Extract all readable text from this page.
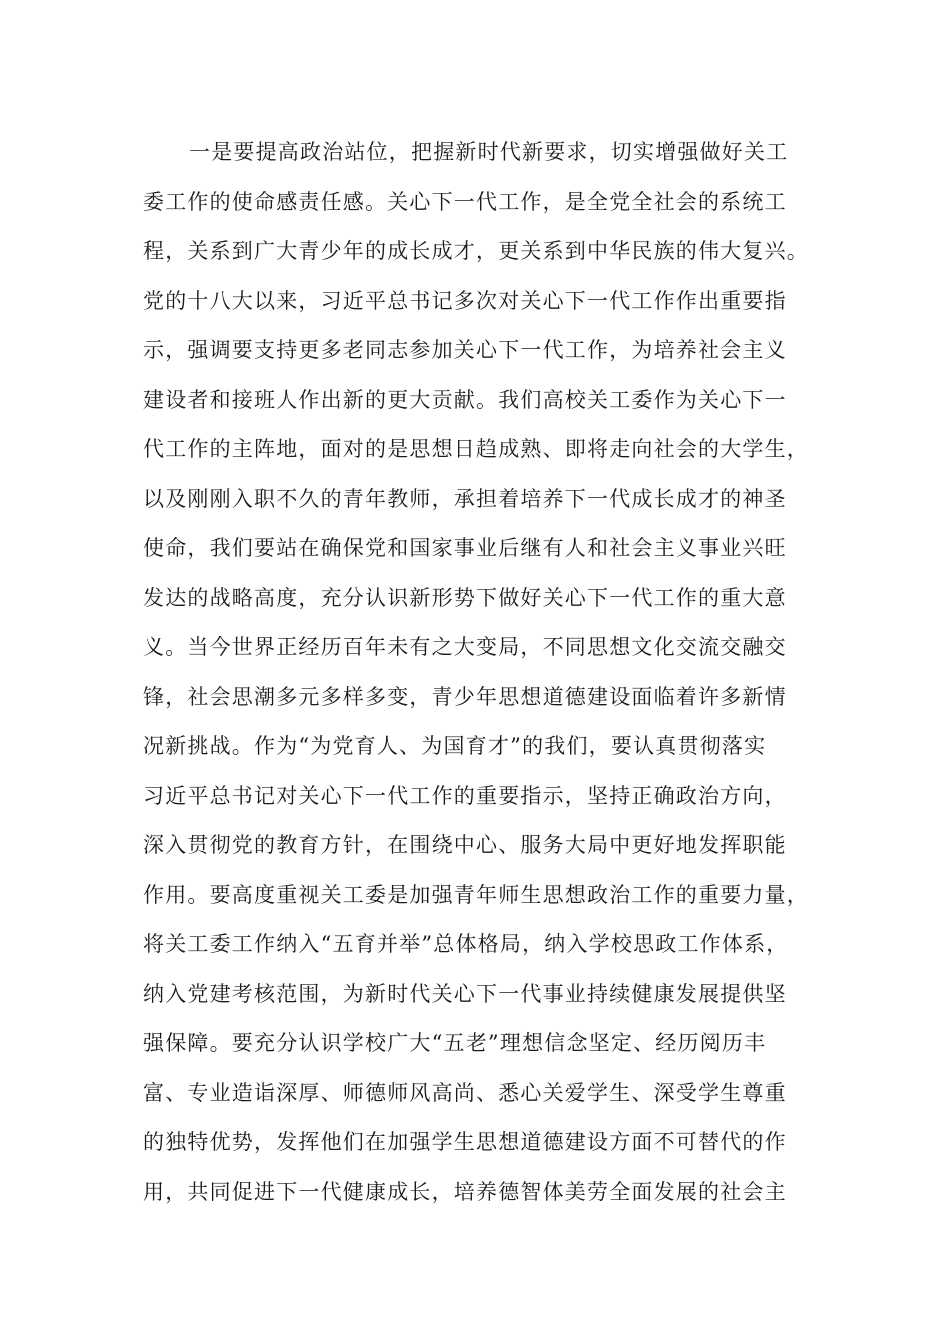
一是要提高政治站位，把握新时代新要求，切实增强做好关工
委工作的使命感责任感。关心下一代工作，是全党全社会的系统工
程，关系到广大青少年的成长成才，更关系到中华民族的伟大复兴。
党的十八大以来，习近平总书记多次对关心下一代工作作出重要指
示，强调要支持更多老同志参加关心下一代工作，为培养社会主义
建设者和接班人作出新的更大贡献。我们高校关工委作为关心下一
代工作的主阵地，面对的是思想日趋成熟、即将走向社会的大学生，
以及刚刚入职不久的青年教师，承担着培养下一代成长成才的神圣
使命，我们要站在确保党和国家事业后继有人和社会主义事业兴旺
发达的战略高度，充分认识新形势下做好关心下一代工作的重大意
义。当今世界正经历百年未有之大变局，不同思想文化交流交融交
锋，社会思潮多元多样多变，青少年思想道德建设面临着许多新情
况新挑战。作为“为党育人、为国育才”的我们，要认真贯彻落实
习近平总书记对关心下一代工作的重要指示，坚持正确政治方向，
深入贯彻党的教育方针，在围绕中心、服务大局中更好地发挥职能
作用。要高度重视关工委是加强青年师生思想政治工作的重要力量，
将关工委工作纳入“五育并举”总体格局，纳入学校思政工作体系，
纳入党建考核范围，为新时代关心下一代事业持续健康发展提供坚
强保障。要充分认识学校广大“五老”理想信念坚定、经历阅历丰
富、专业造诣深厚、师德师风高尚、悉心关爱学生、深受学生尊重
的独特优势，发挥他们在加强学生思想道德建设方面不可替代的作
用，共同促进下一代健康成长，培养德智体美劳全面发展的社会主
